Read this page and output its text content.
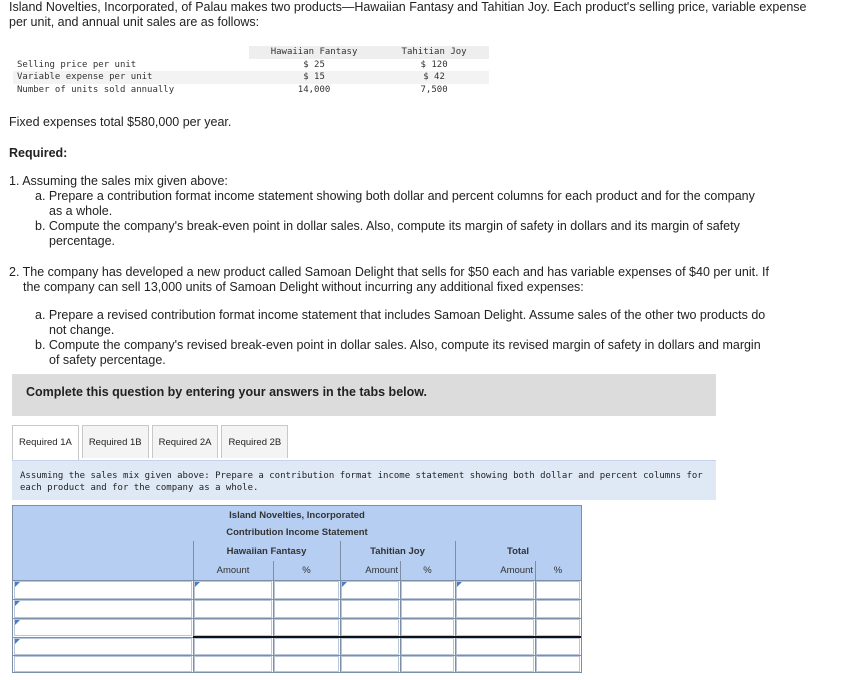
Island Novelties, Incorporated, of Palau makes two products—Hawaiian Fantasy and Tahitian Joy. Each product's selling price, variable expense per unit, and annual unit sales are as follows:
	Hawaiian Fantasy	Tahitian Joy
Selling price per unit	$ 25	$ 120
Variable expense per unit	$ 15	$ 42
Number of units sold annually	14,000	7,500
Fixed expenses total $580,000 per year.
Required:

1. Assuming the sales mix given above:

a. Prepare a contribution format income statement showing both dollar and percent columns for each product and for the company as a whole.

b. Compute the company's break-even point in dollar sales. Also, compute its margin of safety in dollars and its margin of safety percentage.

2. The company has developed a new product called Samoan Delight that sells for $50 each and has variable expenses of $40 per unit. If the company can sell 13,000 units of Samoan Delight without incurring any additional fixed expenses:

a. Prepare a revised contribution format income statement that includes Samoan Delight. Assume sales of the other two products do not change.

b. Compute the company's revised break-even point in dollar sales. Also, compute its revised margin of safety in dollars and margin of safety percentage.

Complete this question by entering your answers in the tabs below.
Required 1A	Required 1B	Required 2A	Required 2B
Assuming the sales mix given above: Prepare a contribution format income statement showing both dollar and percent columns for each product and for the company as a whole.
Island Novelties, Incorporated
Contribution Income Statement
Hawaiian Fantasy	Tahitian Joy	Total
Amount	%	Amount	%	Amount	%
